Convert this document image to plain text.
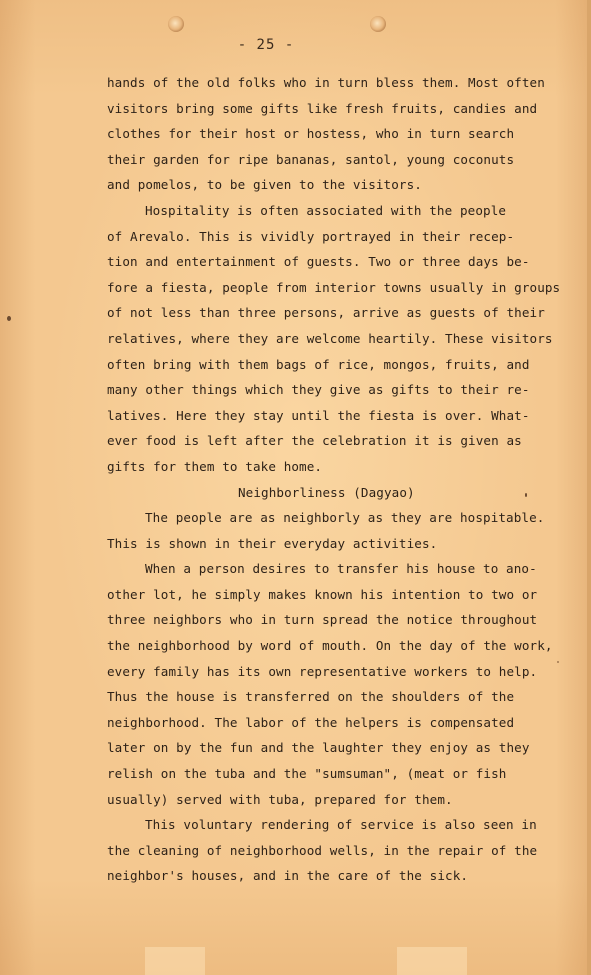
- 25 -
hands of the old folks who in turn bless them. Most often
visitors bring some gifts like fresh fruits, candies and
clothes for their host or hostess, who in turn search
their garden for ripe bananas, santol, young coconuts
and pomelos, to be given to the visitors.
Hospitality is often associated with the people
of Arevalo. This is vividly portrayed in their recep-
tion and entertainment of guests. Two or three days be-
fore a fiesta, people from interior towns usually in groups
of not less than three persons, arrive as guests of their
relatives, where they are welcome heartily. These visitors
often bring with them bags of rice, mongos, fruits, and
many other things which they give as gifts to their re-
latives. Here they stay until the fiesta is over. What-
ever food is left after the celebration it is given as
gifts for them to take home.
Neighborliness (Dagyao)
The people are as neighborly as they are hospitable.
This is shown in their everyday activities.
When a person desires to transfer his house to ano-
other lot, he simply makes known his intention to two or
three neighbors who in turn spread the notice throughout
the neighborhood by word of mouth. On the day of the work,
every family has its own representative workers to help.
Thus the house is transferred on the shoulders of the
neighborhood. The labor of the helpers is compensated
later on by the fun and the laughter they enjoy as they
relish on the tuba and the "sumsuman", (meat or fish
usually) served with tuba, prepared for them.
This voluntary rendering of service is also seen in
the cleaning of neighborhood wells, in the repair of the
neighbor's houses, and in the care of the sick.
